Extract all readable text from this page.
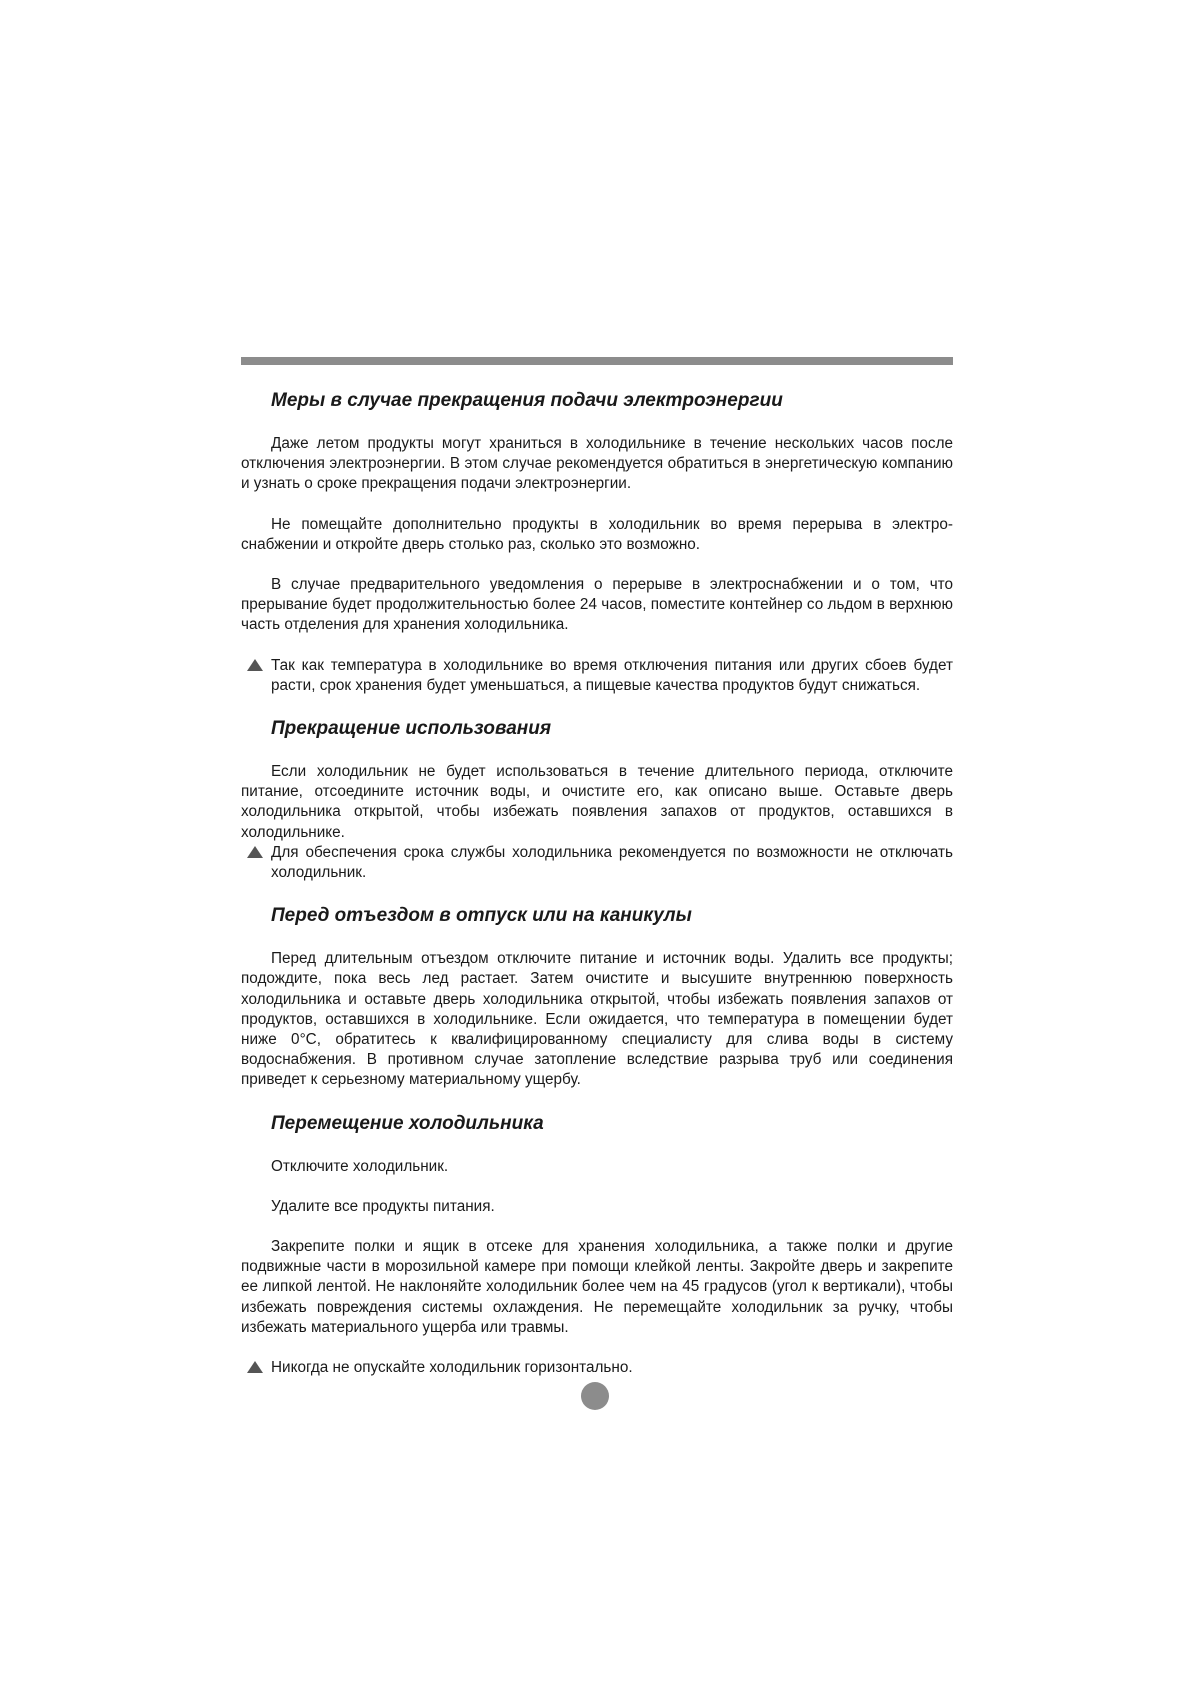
Меры в случае прекращения подачи электроэнергии

Даже летом продукты могут храниться в холодильнике в течение нескольких часов после отключения электроэнергии. В этом случае рекомендуется обратиться в энергетическую компанию и узнать о сроке прекращения подачи электроэнергии.

Не помещайте дополнительно продукты в холодильник во время перерыва в электро-снабжении и откройте дверь столько раз, сколько это возможно.

В случае предварительного уведомления о перерыве в электроснабжении и о том, что прерывание будет продолжительностью более 24 часов, поместите контейнер со льдом в верхнюю часть отделения для хранения холодильника.

Так как температура в холодильнике во время отключения питания или других сбоев будет расти, срок хранения будет уменьшаться, а пищевые качества продуктов будут снижаться.
Прекращение использования

Если холодильник не будет использоваться в течение длительного периода, отключите питание, отсоедините источник воды, и очистите его, как описано выше. Оставьте дверь холодильника открытой, чтобы избежать появления запахов от продуктов, оставшихся в холодильнике.

Для обеспечения срока службы холодильника рекомендуется по возможности не отключать холодильник.
Перед отъездом в отпуск или на каникулы

Перед длительным отъездом отключите питание и источник воды. Удалить все продукты; подождите, пока весь лед растает. Затем очистите и высушите внутреннюю поверхность холодильника и оставьте дверь холодильника открытой, чтобы избежать появления запахов от продуктов, оставшихся в холодильнике. Если ожидается, что температура в помещении будет ниже 0°С, обратитесь к квалифицированному специалисту для слива воды в систему водоснабжения. В противном случае затопление вследствие разрыва труб или соединения приведет к серьезному материальному ущербу.

Перемещение холодильника

Отключите холодильник.

Удалите все продукты питания.

Закрепите полки и ящик в отсеке для хранения холодильника, а также полки и другие подвижные части в морозильной камере при помощи клейкой ленты. Закройте дверь и закрепите ее липкой лентой. Не наклоняйте холодильник более чем на 45 градусов (угол к вертикали), чтобы избежать повреждения системы охлаждения. Не перемещайте холодильник за ручку, чтобы избежать материального ущерба или травмы.

Никогда не опускайте холодильник горизонтально.
